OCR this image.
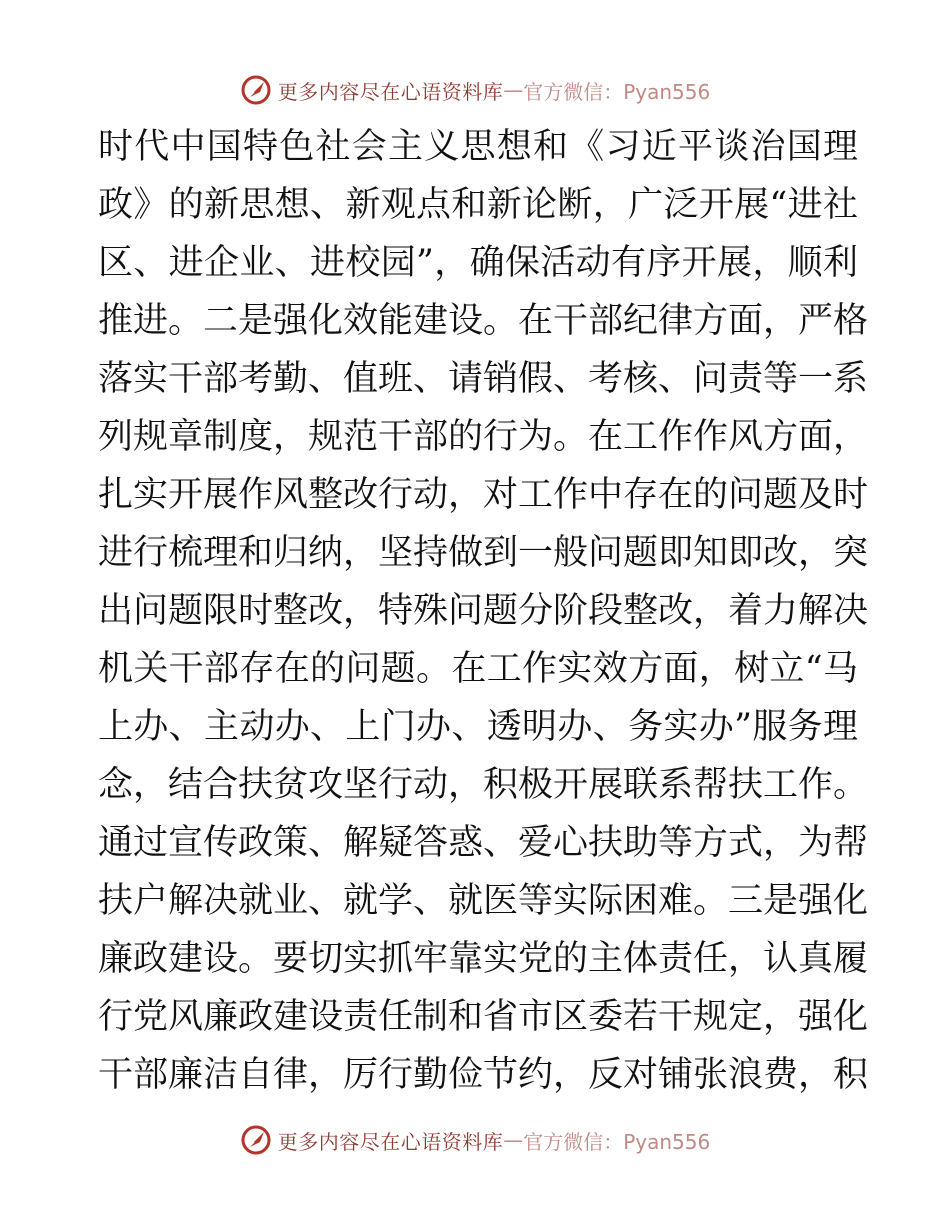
更多内容尽在心语资料库 — 官方微信：Pyan556
时代中国特色社会主义思想和《习近平谈治国理
政》的新思想、新观点和新论断，广泛开展“进社
区、进企业、进校园”，确保活动有序开展，顺利
推进。二是强化效能建设。在干部纪律方面，严格
落实干部考勤、值班、请销假、考核、问责等一系
列规章制度，规范干部的行为。在工作作风方面，
扎实开展作风整改行动，对工作中存在的问题及时
进行梳理和归纳，坚持做到一般问题即知即改，突
出问题限时整改，特殊问题分阶段整改，着力解决
机关干部存在的问题。在工作实效方面，树立“马
上办、主动办、上门办、透明办、务实办”服务理
念，结合扶贫攻坚行动，积极开展联系帮扶工作。
通过宣传政策、解疑答惑、爱心扶助等方式，为帮
扶户解决就业、就学、就医等实际困难。三是强化
廉政建设。要切实抓牢靠实党的主体责任，认真履
行党风廉政建设责任制和省市区委若干规定，强化
干部廉洁自律，厉行勤俭节约，反对铺张浪费，积
更多内容尽在心语资料库 — 官方微信：Pyan556
